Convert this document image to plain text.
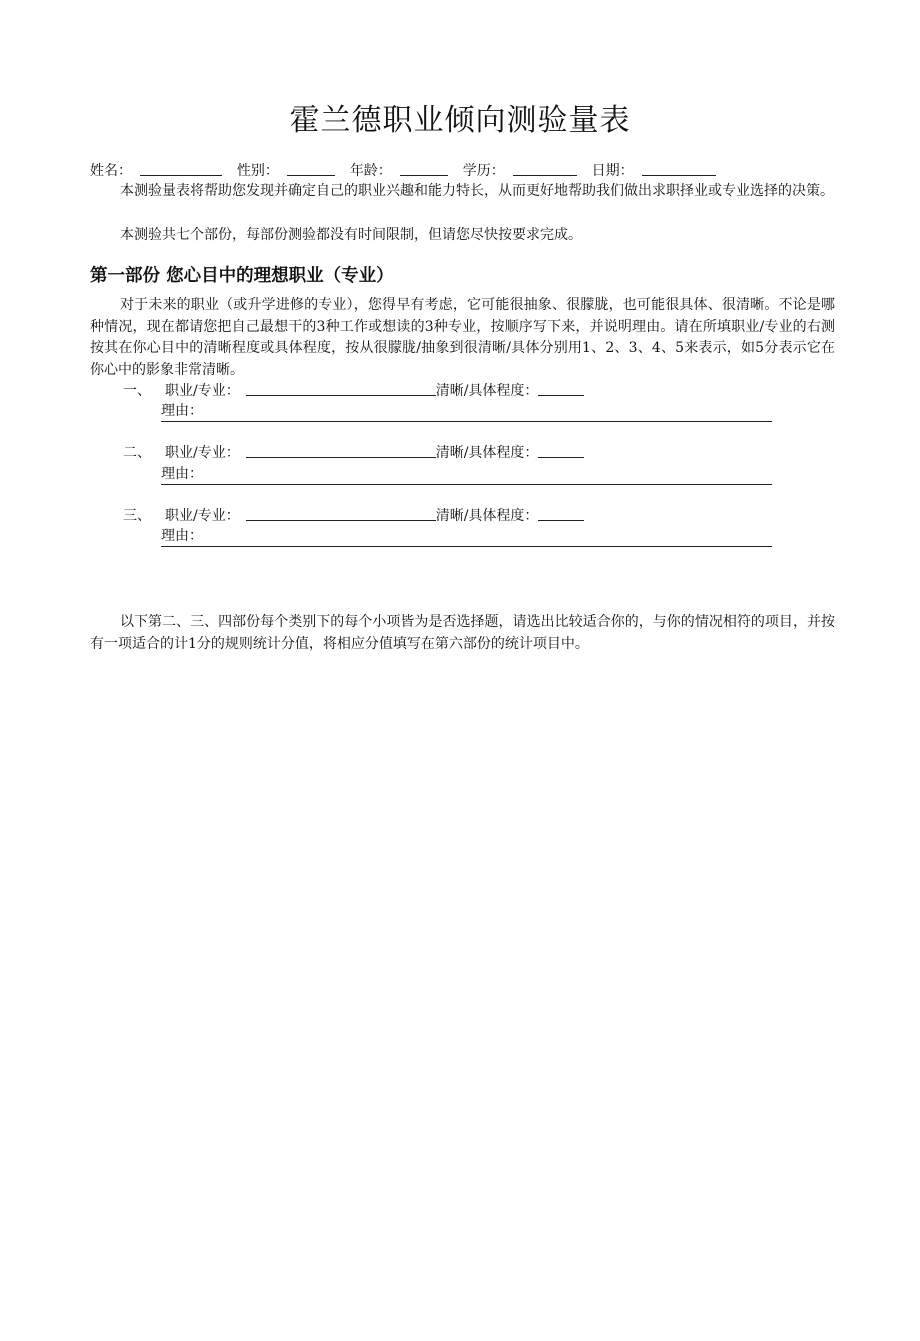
霍兰德职业倾向测验量表
姓名：	性别：	年龄：	学历：	日期：
本测验量表将帮助您发现并确定自己的职业兴趣和能力特长，从而更好地帮助我们做出求职择业或专业选择的决策。
本测验共七个部份，每部份测验都没有时间限制，但请您尽快按要求完成。
第一部份 您心目中的理想职业（专业）
对于未来的职业（或升学进修的专业），您得早有考虑，它可能很抽象、很朦胧，也可能很具体、很清晰。不论是哪种情况，现在都请您把自己最想干的3种工作或想读的3种专业，按顺序写下来，并说明理由。请在所填职业/专业的右测按其在你心目中的清晰程度或具体程度，按从很朦胧/抽象到很清晰/具体分别用1、2、3、4、5来表示，如5分表示它在你心中的影象非常清晰。
一、 职业/专业：	清晰/具体程度：
理由：
二、 职业/专业：	清晰/具体程度：
理由：
三、 职业/专业：	清晰/具体程度：
理由：
以下第二、三、四部份每个类别下的每个小项皆为是否选择题，请选出比较适合你的，与你的情况相符的项目，并按有一项适合的计1分的规则统计分值，将相应分值填写在第六部份的统计项目中。
